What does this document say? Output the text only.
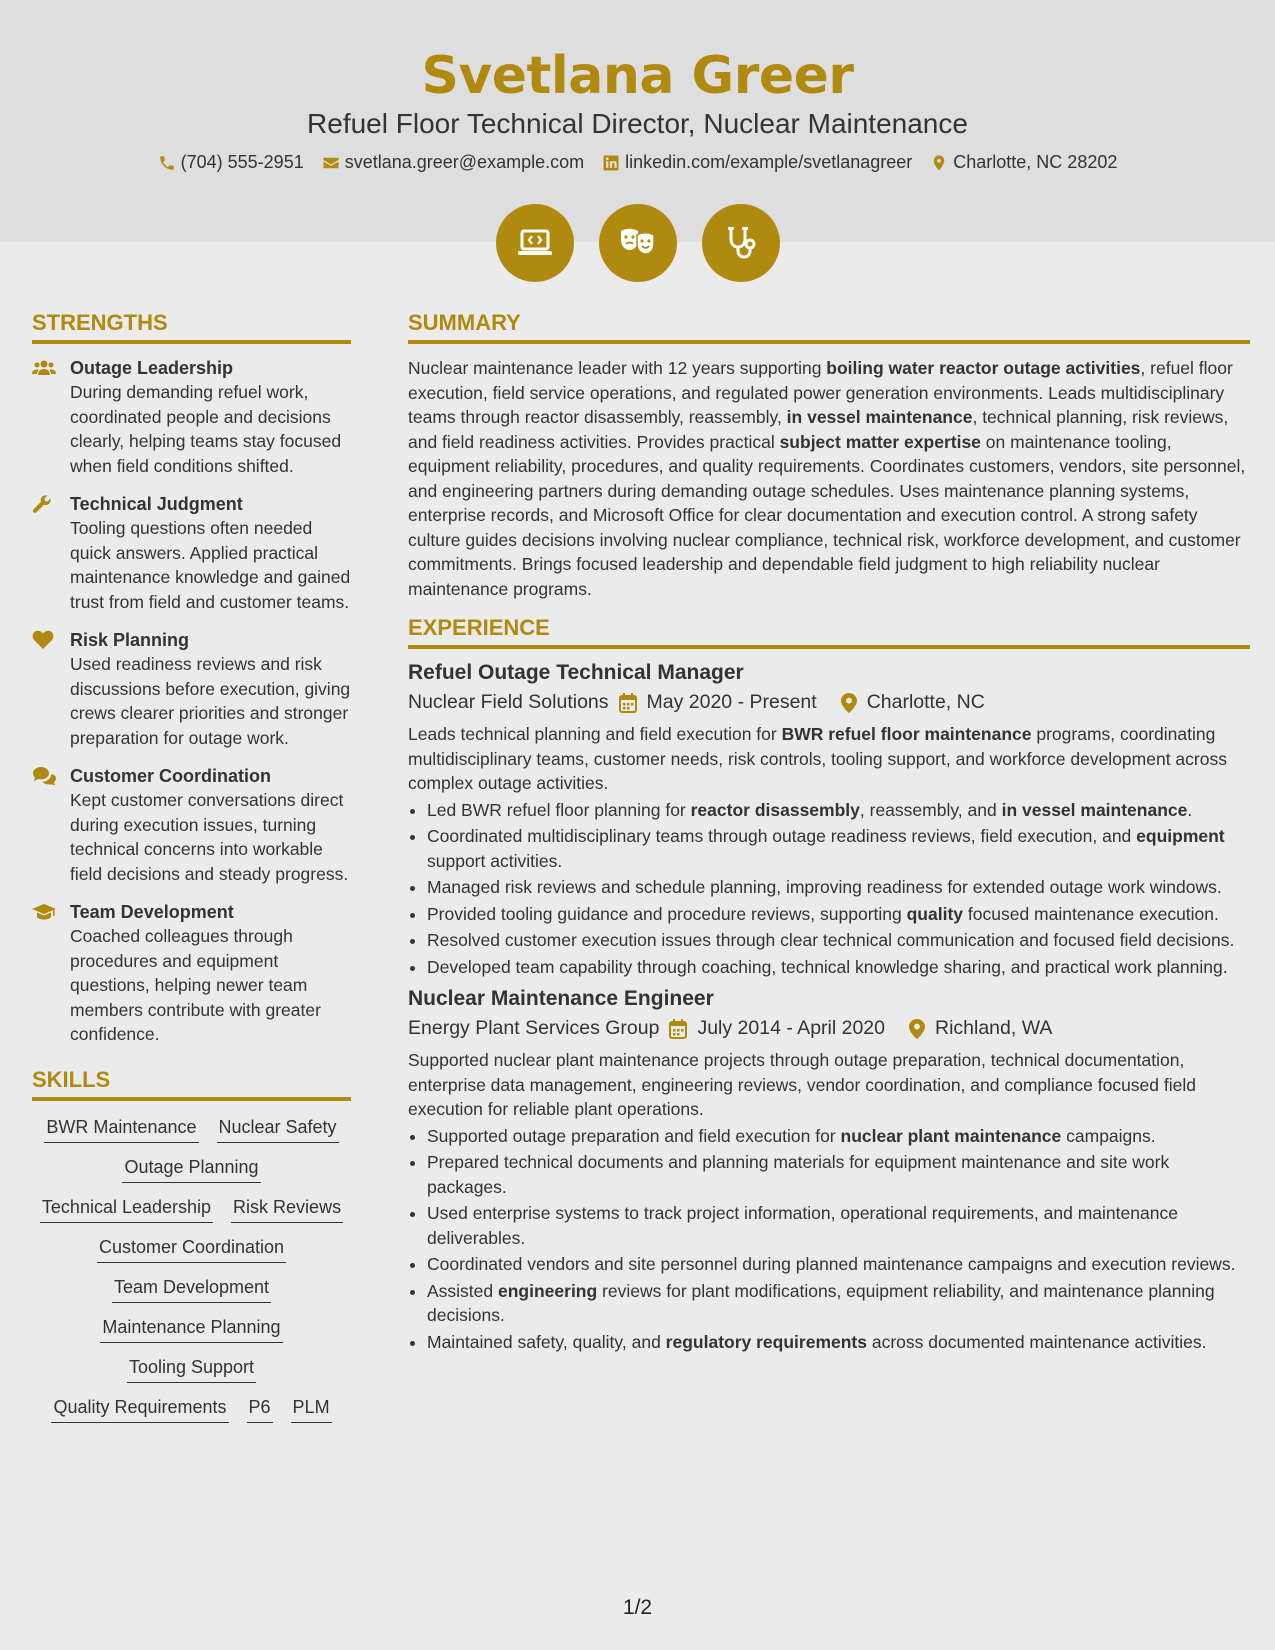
Svetlana Greer
Refuel Floor Technical Director, Nuclear Maintenance
(704) 555-2951 svetlana.greer@example.com linkedin.com/example/svetlanagreer Charlotte, NC 28202
STRENGTHS
Outage Leadership
During demanding refuel work, coordinated people and decisions clearly, helping teams stay focused when field conditions shifted.
Technical Judgment
Tooling questions often needed quick answers. Applied practical maintenance knowledge and gained trust from field and customer teams.
Risk Planning
Used readiness reviews and risk discussions before execution, giving crews clearer priorities and stronger preparation for outage work.
Customer Coordination
Kept customer conversations direct during execution issues, turning technical concerns into workable field decisions and steady progress.
Team Development
Coached colleagues through procedures and equipment questions, helping newer team members contribute with greater confidence.
SKILLS
BWR Maintenance Nuclear Safety
Outage Planning
Technical Leadership Risk Reviews
Customer Coordination
Team Development
Maintenance Planning
Tooling Support
Quality Requirements P6 PLM
SUMMARY

Nuclear maintenance leader with 12 years supporting boiling water reactor outage activities, refuel floor execution, field service operations, and regulated power generation environments. Leads multidisciplinary teams through reactor disassembly, reassembly, in vessel maintenance, technical planning, risk reviews, and field readiness activities. Provides practical subject matter expertise on maintenance tooling, equipment reliability, procedures, and quality requirements. Coordinates customers, vendors, site personnel, and engineering partners during demanding outage schedules. Uses maintenance planning systems, enterprise records, and Microsoft Office for clear documentation and execution control. A strong safety culture guides decisions involving nuclear compliance, technical risk, workforce development, and customer commitments. Brings focused leadership and dependable field judgment to high reliability nuclear maintenance programs.

EXPERIENCE
Refuel Outage Technical Manager
Nuclear Field Solutions May 2020 - Present	Charlotte, NC

Leads technical planning and field execution for BWR refuel floor maintenance programs, coordinating multidisciplinary teams, customer needs, risk controls, tooling support, and workforce development across complex outage activities.

• Led BWR refuel floor planning for reactor disassembly, reassembly, and in vessel maintenance.
• Coordinated multidisciplinary teams through outage readiness reviews, field execution, and equipment support activities.
• Managed risk reviews and schedule planning, improving readiness for extended outage work windows.
• Provided tooling guidance and procedure reviews, supporting quality focused maintenance execution.
• Resolved customer execution issues through clear technical communication and focused field decisions.
• Developed team capability through coaching, technical knowledge sharing, and practical work planning.
Nuclear Maintenance Engineer
Energy Plant Services Group July 2014 - April 2020	Richland, WA

Supported nuclear plant maintenance projects through outage preparation, technical documentation, enterprise data management, engineering reviews, vendor coordination, and compliance focused field execution for reliable plant operations.

• Supported outage preparation and field execution for nuclear plant maintenance campaigns.
• Prepared technical documents and planning materials for equipment maintenance and site work packages.
• Used enterprise systems to track project information, operational requirements, and maintenance deliverables.
• Coordinated vendors and site personnel during planned maintenance campaigns and execution reviews.
• Assisted engineering reviews for plant modifications, equipment reliability, and maintenance planning decisions.
• Maintained safety, quality, and regulatory requirements across documented maintenance activities.
1/2
